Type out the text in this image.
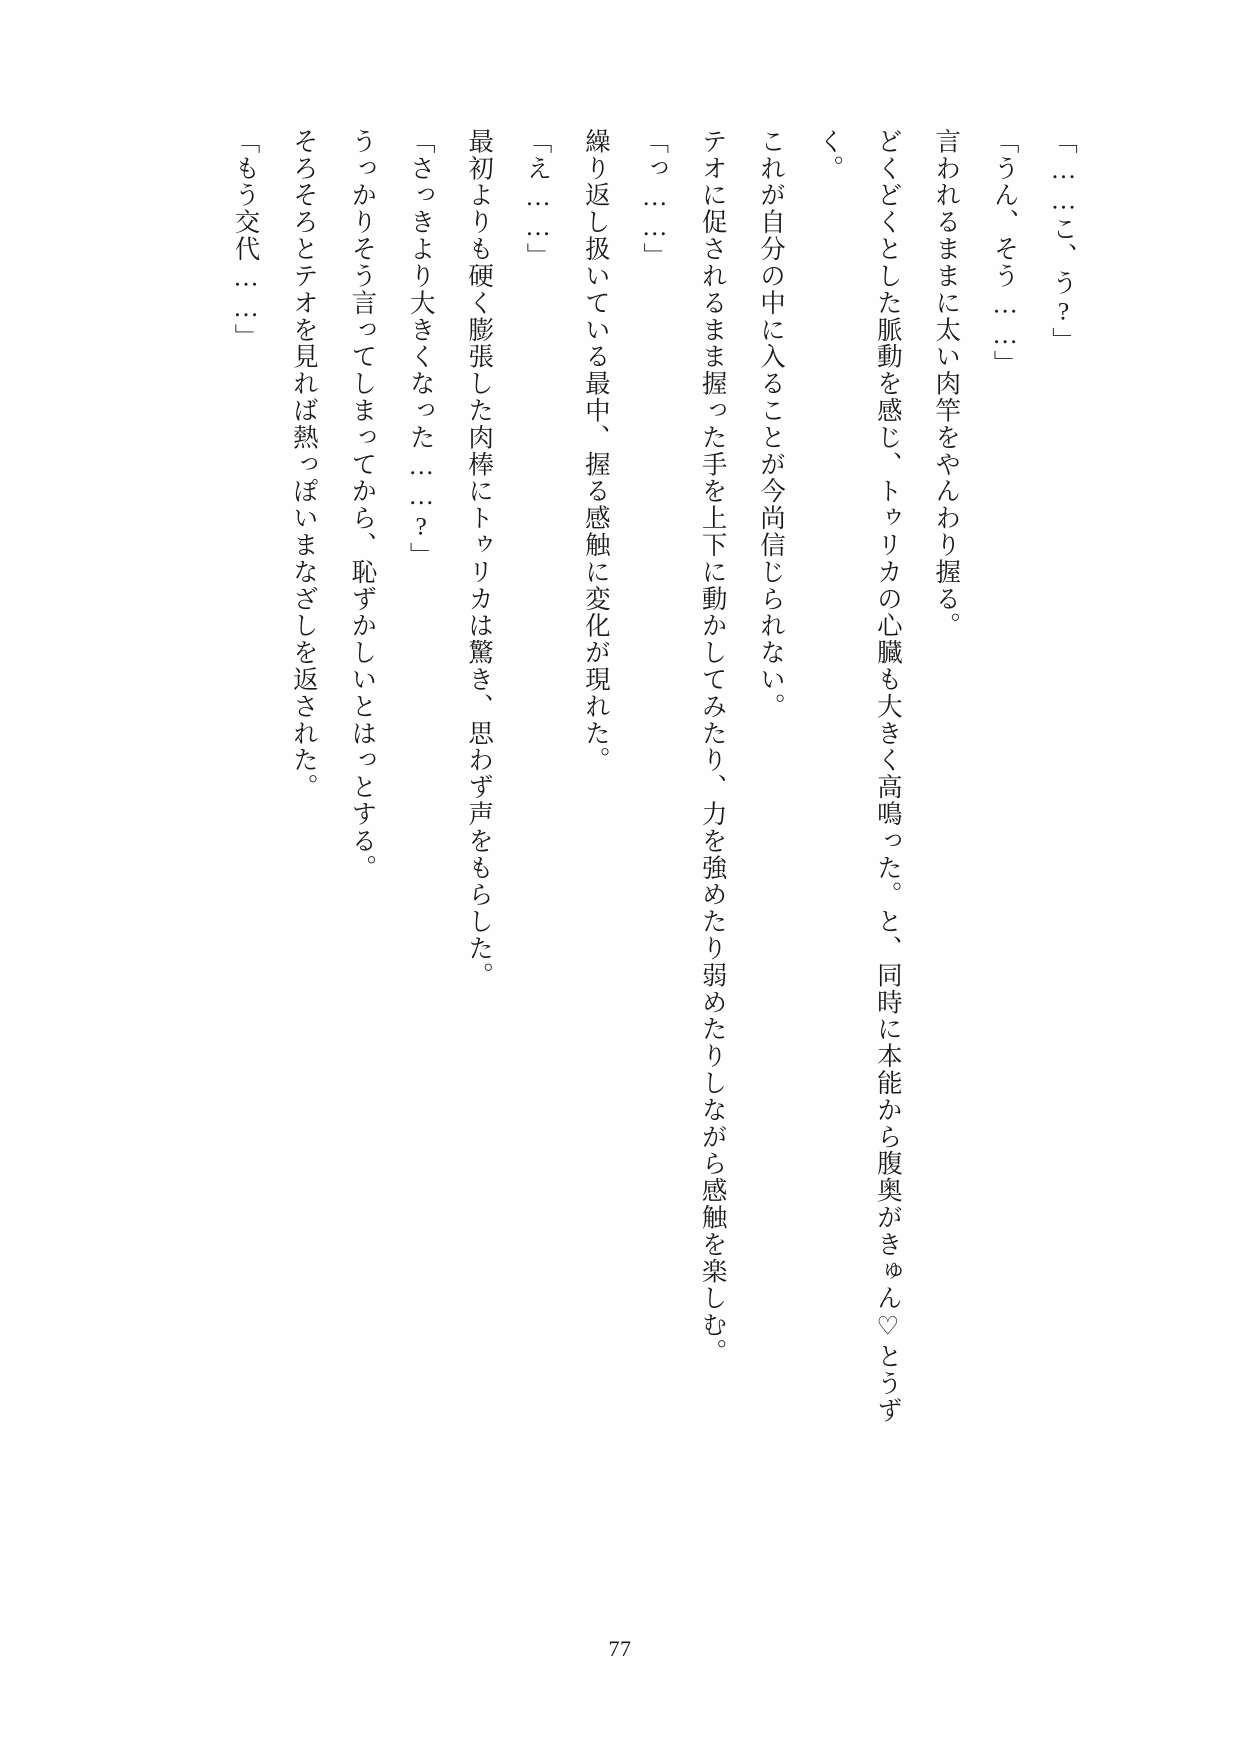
「……こ、う?」

「うん、そう……」

言われるままに太い肉竿をやんわり握る。

どくどくとした脈動を感じ、トゥリカの心臓も大きく高鳴った。と、同時に本能から腹奥がきゅん♡とうずく。

これが自分の中に入ることが今尚信じられない。

テオに促されるまま握った手を上下に動かしてみたり、力を強めたり弱めたりしながら感触を楽しむ。

「っ……」

繰り返し扱いている最中、握る感触に変化が現れた。

「え……」

最初よりも硬く膨張した肉棒にトゥリカは驚き、思わず声をもらした。

「さっきより大きくなった……?」

うっかりそう言ってしまってから、恥ずかしいとはっとする。

そろそろとテオを見れば熱っぽいまなざしを返された。

「もう交代……」

77
